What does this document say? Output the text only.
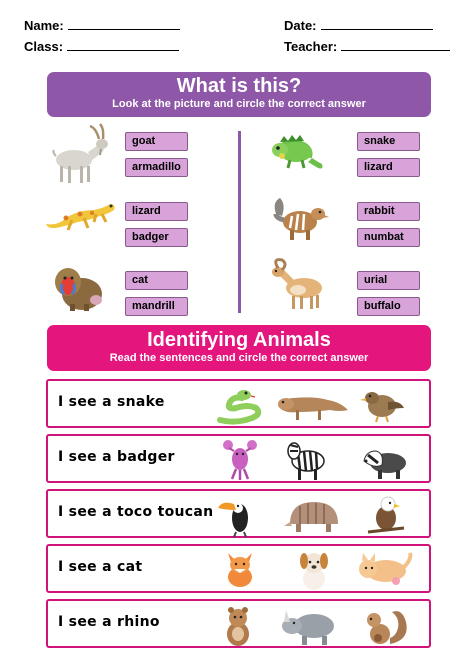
Name:	Date:
Class:	Teacher:
What is this?
Look at the picture and circle the correct answer
goat
armadillo
lizard
badger
cat
mandrill
snake
lizard
rabbit
numbat
urial
buffalo
Identifying Animals
Read the sentences and circle the correct answer
I see a snake
I see a badger
I see a toco toucan
I see a cat
I see a rhino
